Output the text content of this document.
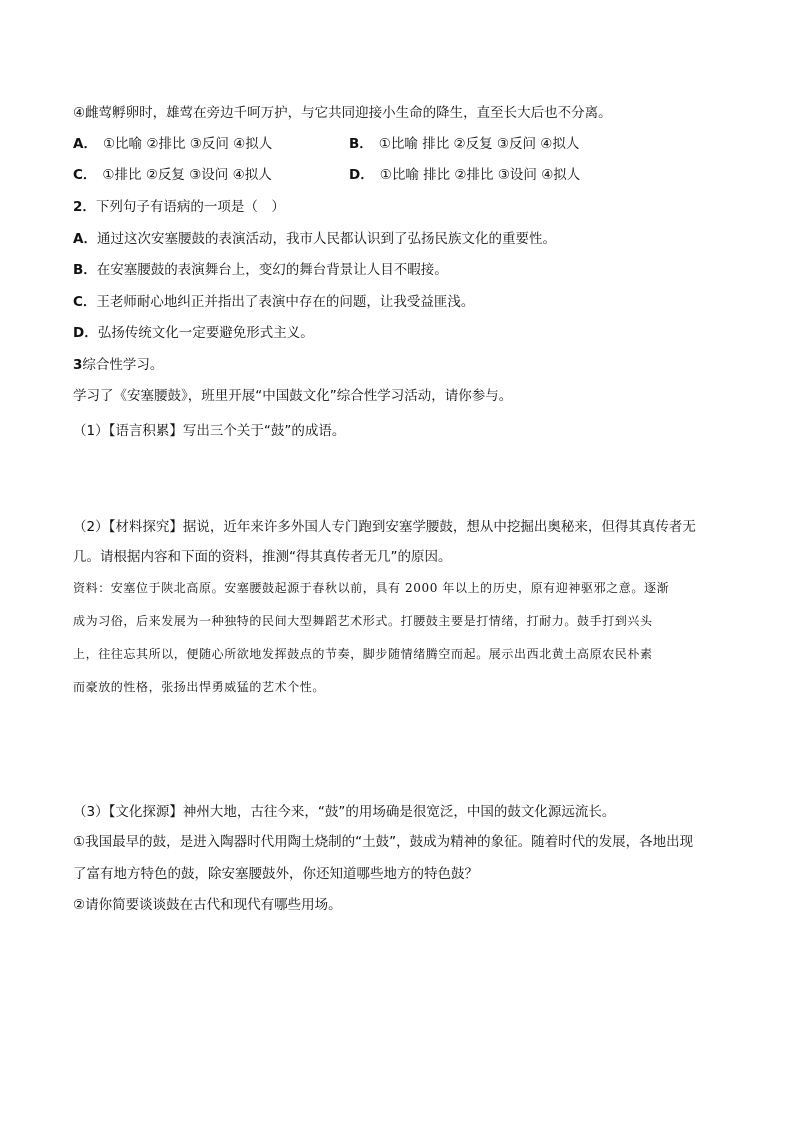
④雌莺孵卵时，雄莺在旁边千呵万护，与它共同迎接小生命的降生，直至长大后也不分离。
A． ①比喻 ②排比 ③反问 ④拟人	B． ①比喻 排比 ②反复 ③反问 ④拟人
C． ①排比 ②反复 ③设问 ④拟人	D． ①比喻 排比 ②排比 ③设问 ④拟人
2．下列句子有语病的一项是（　）
A．通过这次安塞腰鼓的表演活动，我市人民都认识到了弘扬民族文化的重要性。
B．在安塞腰鼓的表演舞台上，变幻的舞台背景让人目不暇接。
C．王老师耐心地纠正并指出了表演中存在的问题，让我受益匪浅。
D．弘扬传统文化一定要避免形式主义。
3综合性学习。
学习了《安塞腰鼓》，班里开展“中国鼓文化”综合性学习活动，请你参与。
（1）【语言积累】写出三个关于“鼓”的成语。
（2）【材料探究】据说，近年来许多外国人专门跑到安塞学腰鼓，想从中挖掘出奥秘来，但得其真传者无
几。请根据内容和下面的资料，推测“得其真传者无几”的原因。
资料：安塞位于陕北高原。安塞腰鼓起源于春秋以前，具有 2000 年以上的历史，原有迎神驱邪之意。逐渐
成为习俗，后来发展为一种独特的民间大型舞蹈艺术形式。打腰鼓主要是打情绪，打耐力。鼓手打到兴头
上，往往忘其所以，便随心所欲地发挥鼓点的节奏，脚步随情绪腾空而起。展示出西北黄土高原农民朴素
而豪放的性格，张扬出悍勇威猛的艺术个性。
（3）【文化探源】神州大地，古往今来，“鼓”的用场确是很宽泛，中国的鼓文化源远流长。
①我国最早的鼓，是进入陶器时代用陶土烧制的“土鼓”，鼓成为精神的象征。随着时代的发展，各地出现
了富有地方特色的鼓，除安塞腰鼓外，你还知道哪些地方的特色鼓？
②请你简要谈谈鼓在古代和现代有哪些用场。
